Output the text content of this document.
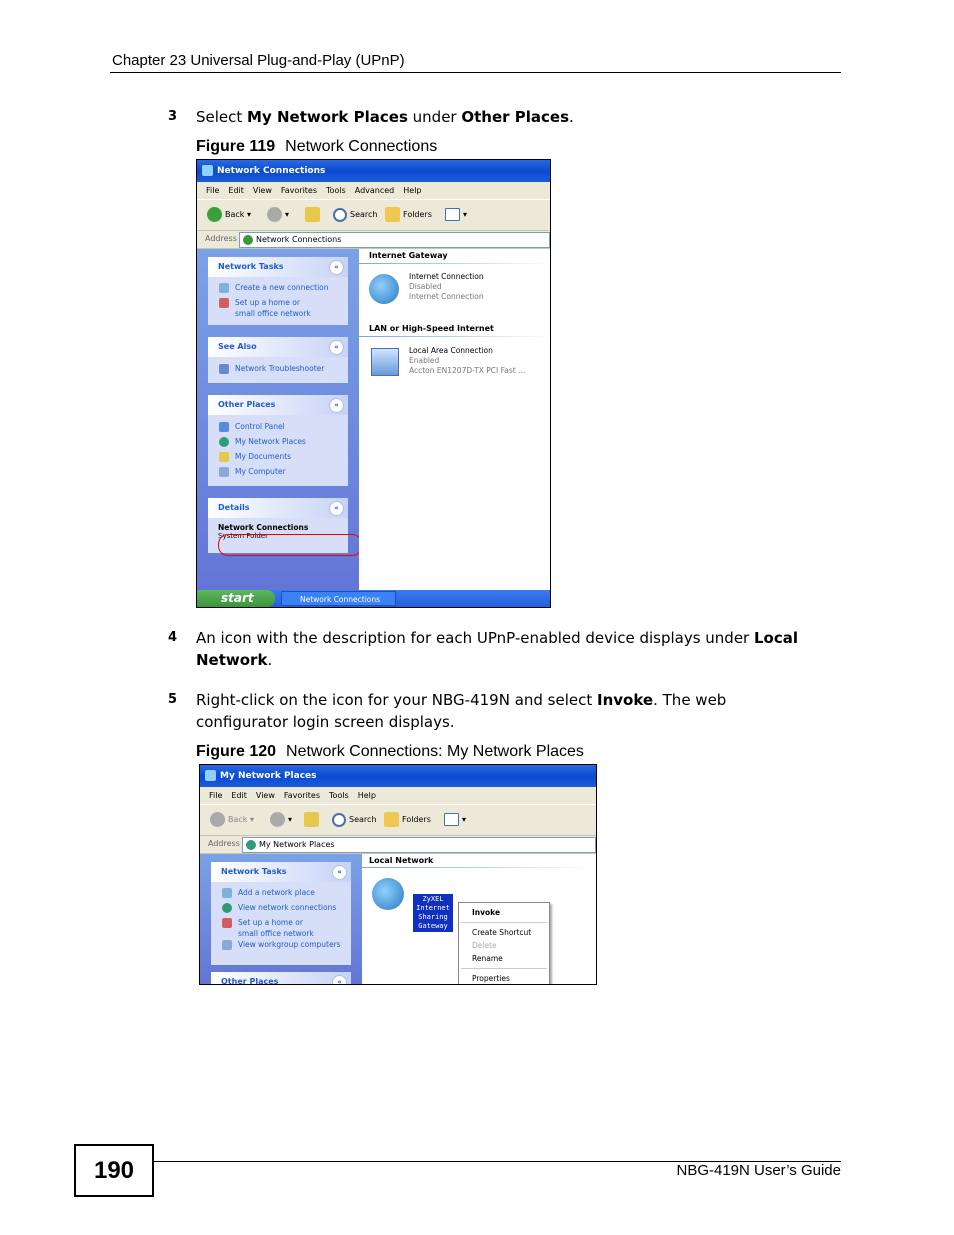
Chapter 23 Universal Plug-and-Play (UPnP)
3 Select My Network Places under Other Places.
Figure 119 Network Connections
Network Connections
File Edit View Favorites Tools Advanced Help
Back ▾	▾	Search	Folders	▾
Address Network Connections
Network Tasks	«
Create a new connection
Set up a home or small office network
See Also	«
Network Troubleshooter
Other Places	«
Control Panel
My Network Places
My Documents
My Computer
Details	«
Network Connections
System Folder
Internet Gateway
Internet Connection
Disabled
Internet Connection
LAN or High-Speed Internet
Local Area Connection
Enabled
Accton EN1207D-TX PCI Fast ...
start	Network Connections
4 An icon with the description for each UPnP-enabled device displays under Local Network.
5 Right-click on the icon for your NBG-419N and select Invoke. The web configurator login screen displays.
Figure 120 Network Connections: My Network Places
My Network Places
File Edit View Favorites Tools Help
Back ▾	▾	Search	Folders	▾
Address My Network Places
Network Tasks	«
Add a network place
View network connections
Set up a home or small office network
View workgroup computers
Other Places	«
Local Network
ZyXEL
Internet
Sharing
Gateway
Invoke
Create Shortcut
Delete
Rename
Properties
190	NBG-419N User’s Guide
